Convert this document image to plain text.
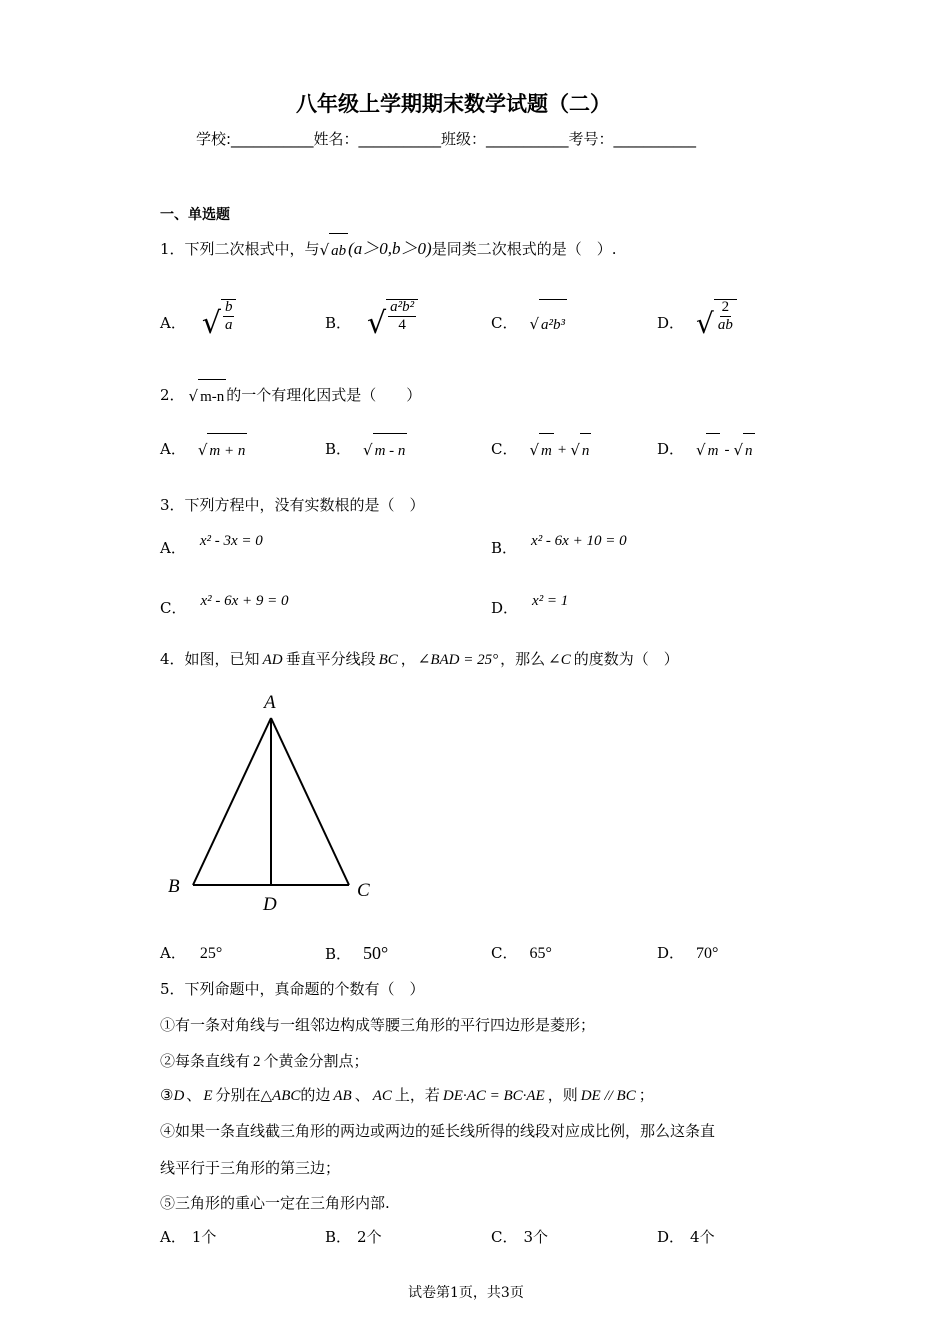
八年级上学期期末数学试题（二）
学校:___________姓名：___________班级：___________考号：___________
一、单选题
1．下列二次根式中，与 √ ab (a＞0,b＞0)是同类二次根式的是（　）.
A． √ $\frac{b}{a}$	B． √ $\frac{\text{a²b²}}{4}$	C． √ a²b³	D． √ $\frac{2}{ab}$
2． √ m-n 的一个有理化因式是（　　）
A． √ m + n	B． √ m - n	C． √ m + √ n	D． √ m - √ n
3．下列方程中，没有实数根的是（　）
A． x² - 3x = 0	B． x² - 6x + 10 = 0
C． x² - 6x + 9 = 0	D． x² = 1
4．如图，已知 AD 垂直平分线段 BC ， ∠BAD = 25° ，那么 ∠C 的度数为（　）
A
B	C
D
A． 25°	B． 50°	C． 65°	D． 70°
5．下列命题中，真命题的个数有（　）
①有一条对角线与一组邻边构成等腰三角形的平行四边形是菱形；
②每条直线有 2 个黄金分割点；
③D 、 E 分别在△ABC的边 AB 、 AC 上，若 DE·AC = BC·AE ，则 DE // BC ；
④如果一条直线截三角形的两边或两边的延长线所得的线段对应成比例，那么这条直
线平行于三角形的第三边；
⑤三角形的重心一定在三角形内部.
A． 1个	B． 2个	C． 3个	D． 4个
试卷第1页，共3页
